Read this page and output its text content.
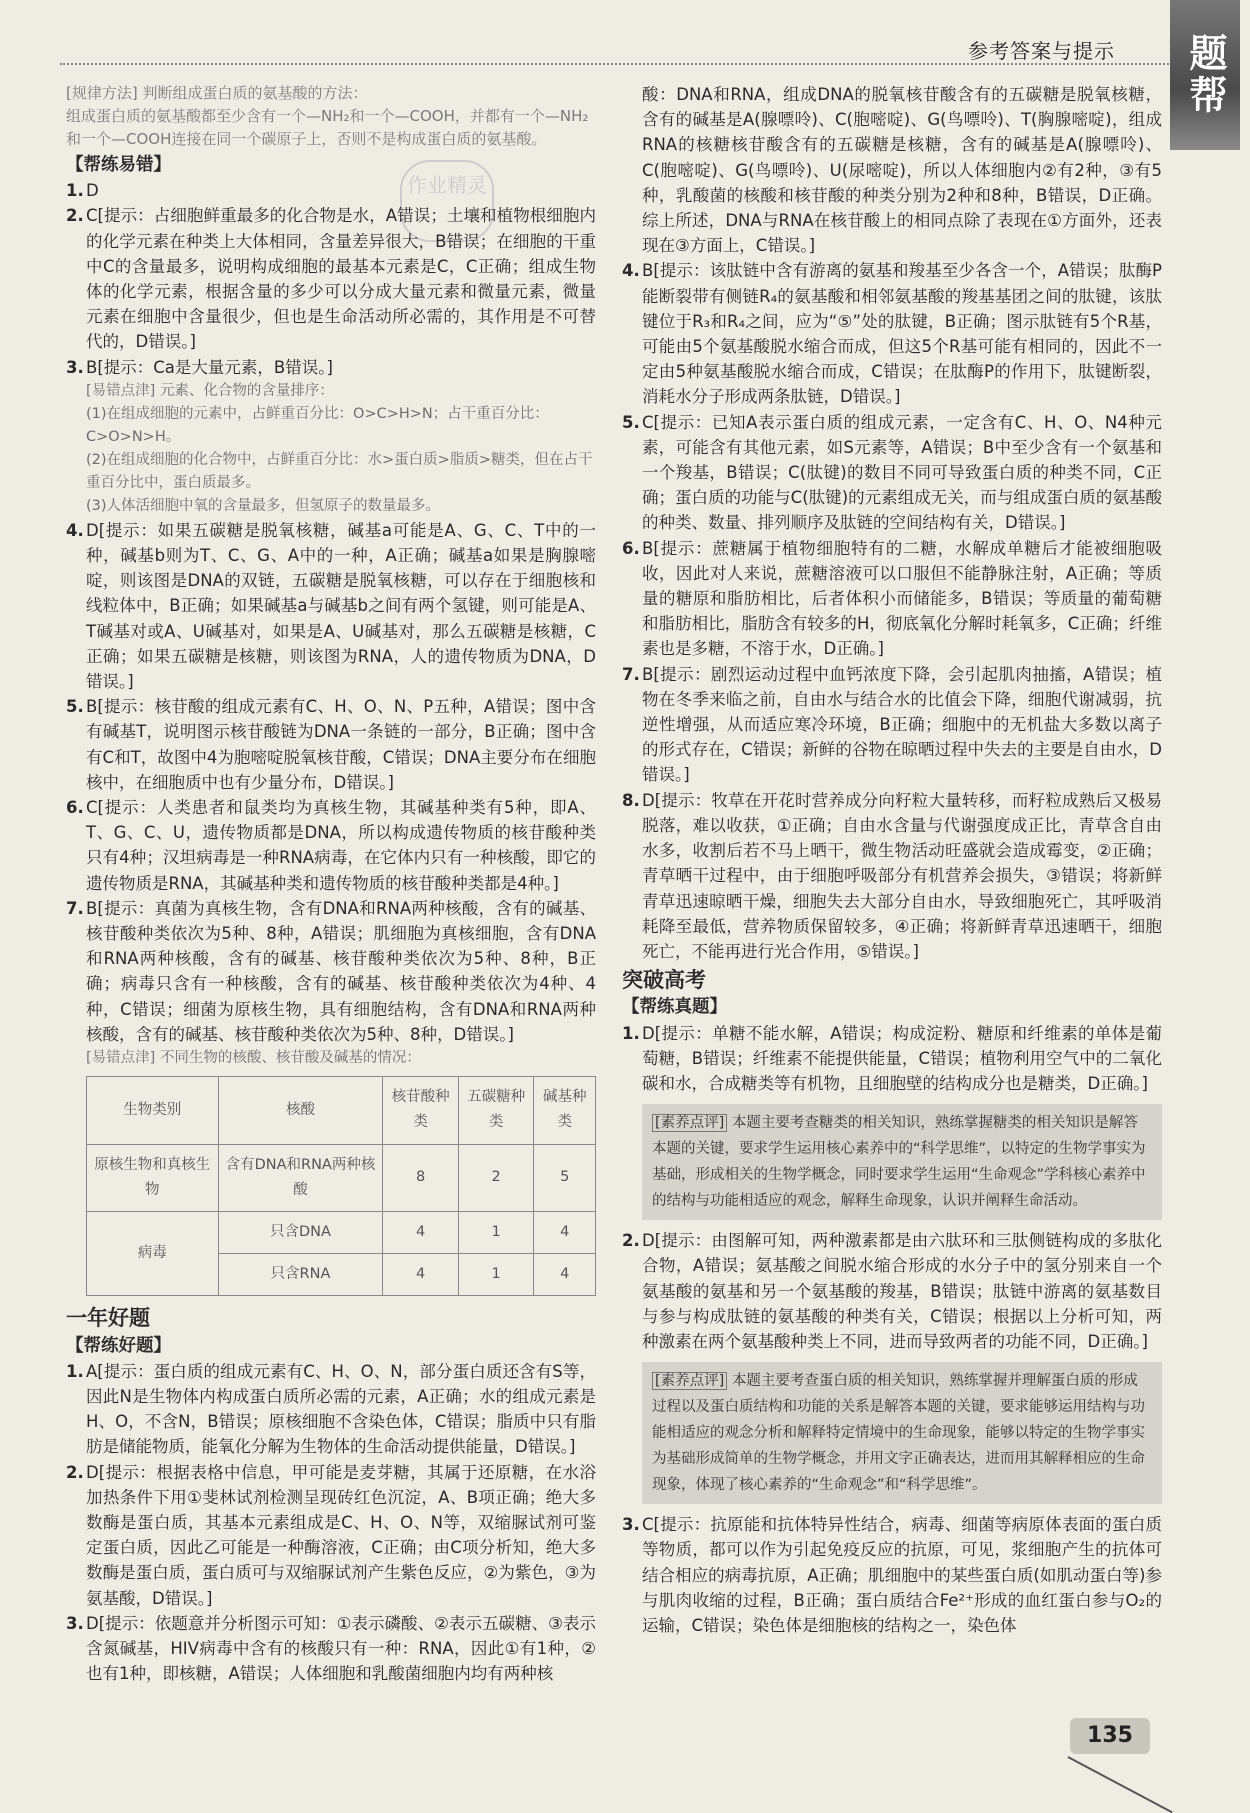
参考答案与提示	题帮
作业精灵
[规律方法] 判断组成蛋白质的氨基酸的方法：
组成蛋白质的氨基酸都至少含有一个—NH₂和一个—COOH，并都有一个—NH₂和一个—COOH连接在同一个碳原子上，否则不是构成蛋白质的氨基酸。
【帮练易错】
1. D
2. C[提示：占细胞鲜重最多的化合物是水，A错误；土壤和植物根细胞内的化学元素在种类上大体相同，含量差异很大，B错误；在细胞的干重中C的含量最多，说明构成细胞的最基本元素是C，C正确；组成生物体的化学元素，根据含量的多少可以分成大量元素和微量元素，微量元素在细胞中含量很少，但也是生命活动所必需的，其作用是不可替代的，D错误。]
3. B[提示：Ca是大量元素，B错误。]
[易错点津] 元素、化合物的含量排序：
(1)在组成细胞的元素中，占鲜重百分比：O>C>H>N；占干重百分比：C>O>N>H。
(2)在组成细胞的化合物中，占鲜重百分比：水>蛋白质>脂质>糖类，但在占干重百分比中，蛋白质最多。
(3)人体活细胞中氧的含量最多，但氢原子的数量最多。
4. D[提示：如果五碳糖是脱氧核糖，碱基a可能是A、G、C、T中的一种，碱基b则为T、C、G、A中的一种，A正确；碱基a如果是胸腺嘧啶，则该图是DNA的双链，五碳糖是脱氧核糖，可以存在于细胞核和线粒体中，B正确；如果碱基a与碱基b之间有两个氢键，则可能是A、T碱基对或A、U碱基对，如果是A、U碱基对，那么五碳糖是核糖，C正确；如果五碳糖是核糖，则该图为RNA，人的遗传物质为DNA，D错误。]
5. B[提示：核苷酸的组成元素有C、H、O、N、P五种，A错误；图中含有碱基T，说明图示核苷酸链为DNA一条链的一部分，B正确；图中含有C和T，故图中4为胞嘧啶脱氧核苷酸，C错误；DNA主要分布在细胞核中，在细胞质中也有少量分布，D错误。]
6. C[提示：人类患者和鼠类均为真核生物，其碱基种类有5种，即A、T、G、C、U，遗传物质都是DNA，所以构成遗传物质的核苷酸种类只有4种；汉坦病毒是一种RNA病毒，在它体内只有一种核酸，即它的遗传物质是RNA，其碱基种类和遗传物质的核苷酸种类都是4种。]
7. B[提示：真菌为真核生物，含有DNA和RNA两种核酸，含有的碱基、核苷酸种类依次为5种、8种，A错误；肌细胞为真核细胞，含有DNA和RNA两种核酸，含有的碱基、核苷酸种类依次为5种、8种，B正确；病毒只含有一种核酸，含有的碱基、核苷酸种类依次为4种、4种，C错误；细菌为原核生物，具有细胞结构，含有DNA和RNA两种核酸，含有的碱基、核苷酸种类依次为5种、8种，D错误。]
[易错点津] 不同生物的核酸、核苷酸及碱基的情况：
生物类别	核酸	核苷酸种类	五碳糖种类	碱基种类
原核生物和真核生物	含有DNA和RNA两种核酸	8	2	5
病毒	只含DNA	4	1	4
	只含RNA	4	1	4
一年好题
【帮练好题】
1. A[提示：蛋白质的组成元素有C、H、O、N，部分蛋白质还含有S等，因此N是生物体内构成蛋白质所必需的元素，A正确；水的组成元素是H、O，不含N，B错误；原核细胞不含染色体，C错误；脂质中只有脂肪是储能物质，能氧化分解为生物体的生命活动提供能量，D错误。]
2. D[提示：根据表格中信息，甲可能是麦芽糖，其属于还原糖，在水浴加热条件下用①斐林试剂检测呈现砖红色沉淀，A、B项正确；绝大多数酶是蛋白质，其基本元素组成是C、H、O、N等，双缩脲试剂可鉴定蛋白质，因此乙可能是一种酶溶液，C正确；由C项分析知，绝大多数酶是蛋白质，蛋白质可与双缩脲试剂产生紫色反应，②为紫色，③为氨基酸，D错误。]
3. D[提示：依题意并分析图示可知：①表示磷酸、②表示五碳糖、③表示含氮碱基，HIV病毒中含有的核酸只有一种：RNA，因此①有1种，②也有1种，即核糖，A错误；人体细胞和乳酸菌细胞内均有两种核
酸：DNA和RNA，组成DNA的脱氧核苷酸含有的五碳糖是脱氧核糖，含有的碱基是A(腺嘌呤)、C(胞嘧啶)、G(鸟嘌呤)、T(胸腺嘧啶)，组成RNA的核糖核苷酸含有的五碳糖是核糖，含有的碱基是A(腺嘌呤)、C(胞嘧啶)、G(鸟嘌呤)、U(尿嘧啶)，所以人体细胞内②有2种，③有5种，乳酸菌的核酸和核苷酸的种类分别为2种和8种，B错误，D正确。综上所述，DNA与RNA在核苷酸上的相同点除了表现在①方面外，还表现在③方面上，C错误。]
4. B[提示：该肽链中含有游离的氨基和羧基至少各含一个，A错误；肽酶P能断裂带有侧链R₄的氨基酸和相邻氨基酸的羧基基团之间的肽键，该肽键位于R₃和R₄之间，应为“⑤”处的肽键，B正确；图示肽链有5个R基，可能由5个氨基酸脱水缩合而成，但这5个R基可能有相同的，因此不一定由5种氨基酸脱水缩合而成，C错误；在肽酶P的作用下，肽键断裂，消耗水分子形成两条肽链，D错误。]
5. C[提示：已知A表示蛋白质的组成元素，一定含有C、H、O、N4种元素，可能含有其他元素，如S元素等，A错误；B中至少含有一个氨基和一个羧基，B错误；C(肽键)的数目不同可导致蛋白质的种类不同，C正确；蛋白质的功能与C(肽键)的元素组成无关，而与组成蛋白质的氨基酸的种类、数量、排列顺序及肽链的空间结构有关，D错误。]
6. B[提示：蔗糖属于植物细胞特有的二糖，水解成单糖后才能被细胞吸收，因此对人来说，蔗糖溶液可以口服但不能静脉注射，A正确；等质量的糖原和脂肪相比，后者体积小而储能多，B错误；等质量的葡萄糖和脂肪相比，脂肪含有较多的H，彻底氧化分解时耗氧多，C正确；纤维素也是多糖，不溶于水，D正确。]
7. B[提示：剧烈运动过程中血钙浓度下降，会引起肌肉抽搐，A错误；植物在冬季来临之前，自由水与结合水的比值会下降，细胞代谢减弱，抗逆性增强，从而适应寒冷环境，B正确；细胞中的无机盐大多数以离子的形式存在，C错误；新鲜的谷物在晾晒过程中失去的主要是自由水，D错误。]
8. D[提示：牧草在开花时营养成分向籽粒大量转移，而籽粒成熟后又极易脱落，难以收获，①正确；自由水含量与代谢强度成正比，青草含自由水多，收割后若不马上晒干，微生物活动旺盛就会造成霉变，②正确；青草晒干过程中，由于细胞呼吸部分有机营养会损失，③错误；将新鲜青草迅速晾晒干燥，细胞失去大部分自由水，导致细胞死亡，其呼吸消耗降至最低，营养物质保留较多，④正确；将新鲜青草迅速晒干，细胞死亡，不能再进行光合作用，⑤错误。]
突破高考
【帮练真题】
1. D[提示：单糖不能水解，A错误；构成淀粉、糖原和纤维素的单体是葡萄糖，B错误；纤维素不能提供能量，C错误；植物利用空气中的二氧化碳和水，合成糖类等有机物，且细胞壁的结构成分也是糖类，D正确。]
[素养点评] 本题主要考查糖类的相关知识，熟练掌握糖类的相关知识是解答本题的关键，要求学生运用核心素养中的“科学思维”，以特定的生物学事实为基础，形成相关的生物学概念，同时要求学生运用“生命观念”学科核心素养中的结构与功能相适应的观念，解释生命现象，认识并阐释生命活动。
2. D[提示：由图解可知，两种激素都是由六肽环和三肽侧链构成的多肽化合物，A错误；氨基酸之间脱水缩合形成的水分子中的氢分别来自一个氨基酸的氨基和另一个氨基酸的羧基，B错误；肽链中游离的氨基数目与参与构成肽链的氨基酸的种类有关，C错误；根据以上分析可知，两种激素在两个氨基酸种类上不同，进而导致两者的功能不同，D正确。]
[素养点评] 本题主要考查蛋白质的相关知识，熟练掌握并理解蛋白质的形成过程以及蛋白质结构和功能的关系是解答本题的关键，要求能够运用结构与功能相适应的观念分析和解释特定情境中的生命现象，能够以特定的生物学事实为基础形成简单的生物学概念，并用文字正确表达，进而用其解释相应的生命现象，体现了核心素养的“生命观念”和“科学思维”。
3. C[提示：抗原能和抗体特异性结合，病毒、细菌等病原体表面的蛋白质等物质，都可以作为引起免疫反应的抗原，可见，浆细胞产生的抗体可结合相应的病毒抗原，A正确；肌细胞中的某些蛋白质(如肌动蛋白等)参与肌肉收缩的过程，B正确；蛋白质结合Fe²⁺形成的血红蛋白参与O₂的运输，C错误；染色体是细胞核的结构之一，染色体
135
